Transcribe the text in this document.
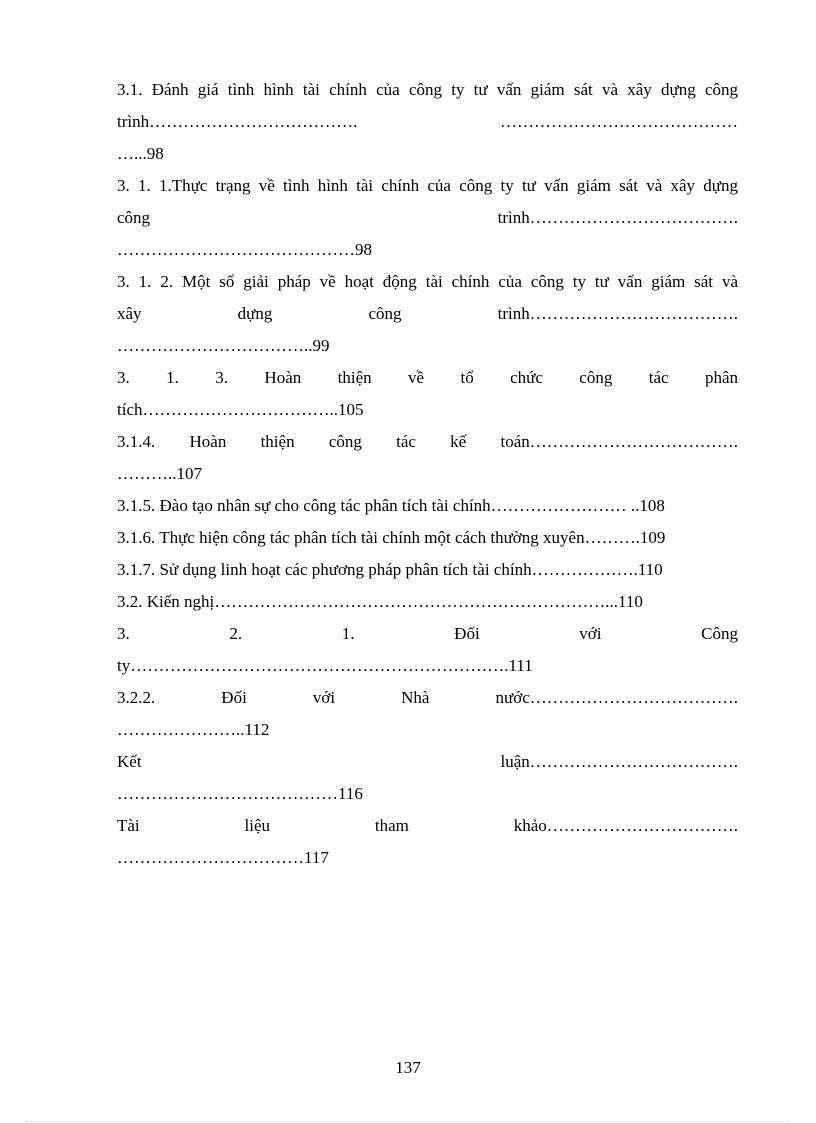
3.1. Đánh giá tình hình tài chính của công ty tư vấn giám sát và xây dựng công
trình………………………………. ……………………………………
…...98

3. 1. 1.Thực trạng về tình hình tài chính của công ty tư vấn giám sát và xây dựng
công trình……………………………….
……………………………………98

3. 1. 2. Một số giải pháp về hoạt động tài chính của công ty tư vấn giám sát và
xây dựng công trình……………………………….
……………………………..99

3. 1. 3. Hoàn thiện về tổ chức công tác phân
tích……………………………..105

3.1.4. Hoàn thiện công tác kế toán……………………………….
………..107

3.1.5. Đào tạo nhân sự cho công tác phân tích tài chính…………………… ..108

3.1.6. Thực hiện công tác phân tích tài chính một cách thường xuyên……….109

3.1.7. Sử dụng linh hoạt các phương pháp phân tích tài chính……………….110

3.2. Kiến nghị……………………………………………………………...110

3. 2. 1. Đối với Công
ty………………………………………………………….111

3.2.2. Đối với Nhà nước……………………………….
…………………..112

Kết luận……………………………….
…………………………………116

Tài liệu tham khảo…………………………….
……………………………117

137
